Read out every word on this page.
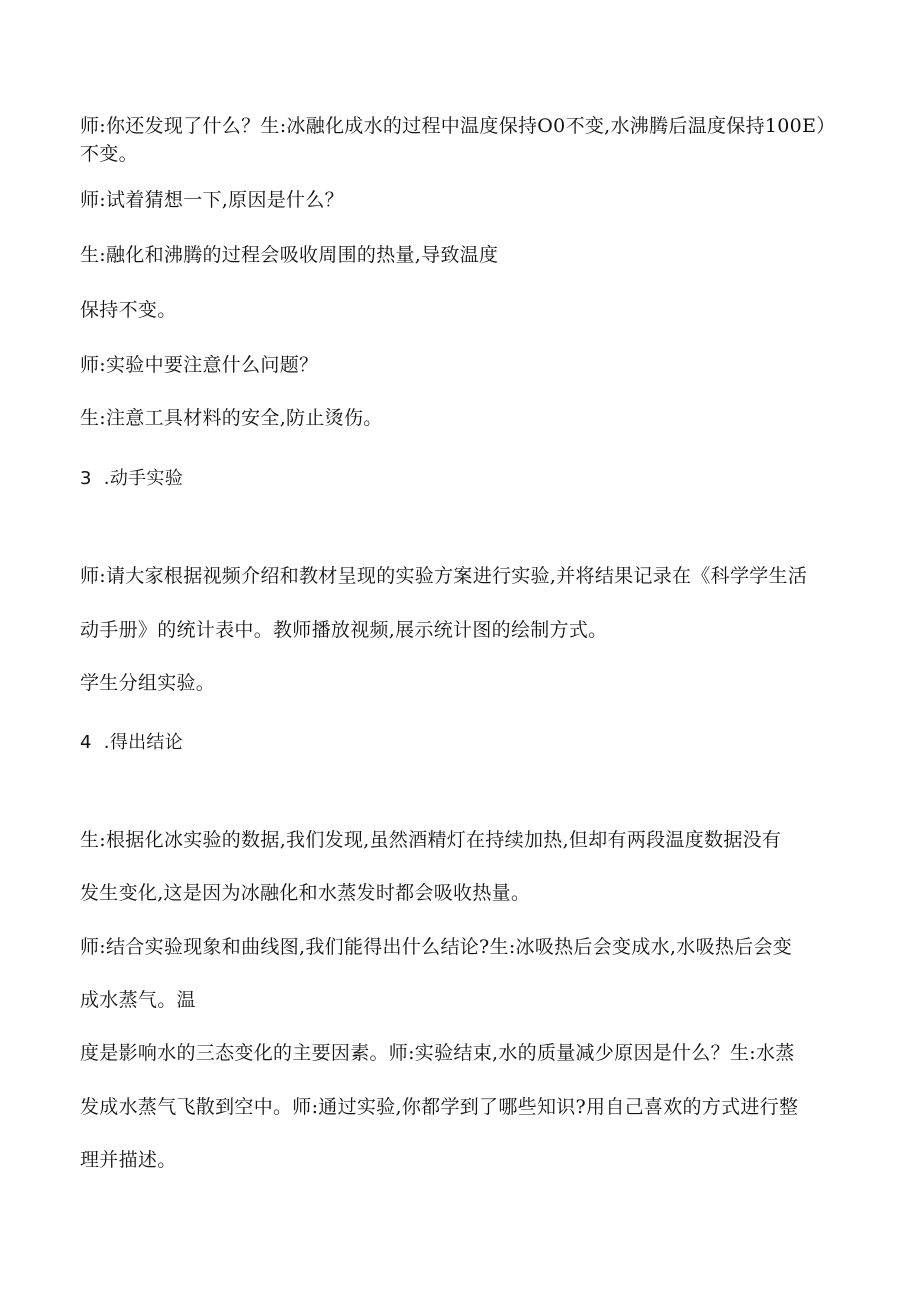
师:你还发现了什么？生:冰融化成水的过程中温度保持O0不变,水沸腾后温度保持100E）
不变。
师:试着猜想一下,原因是什么？
生:融化和沸腾的过程会吸收周围的热量,导致温度
保持不变。
师:实验中要注意什么问题？
生:注意工具材料的安全,防止烫伤。
3  .动手实验
师:请大家根据视频介绍和教材呈现的实验方案进行实验,并将结果记录在《科学学生活
动手册》的统计表中。教师播放视频,展示统计图的绘制方式。
学生分组实验。
4  .得出结论
生:根据化冰实验的数据,我们发现,虽然酒精灯在持续加热,但却有两段温度数据没有
发生变化,这是因为冰融化和水蒸发时都会吸收热量。
师:结合实验现象和曲线图,我们能得出什么结论?生:冰吸热后会变成水,水吸热后会变
成水蒸气。温
度是影响水的三态变化的主要因素。师:实验结束,水的质量减少原因是什么？生:水蒸
发成水蒸气飞散到空中。师:通过实验,你都学到了哪些知识?用自己喜欢的方式进行整
理并描述。
